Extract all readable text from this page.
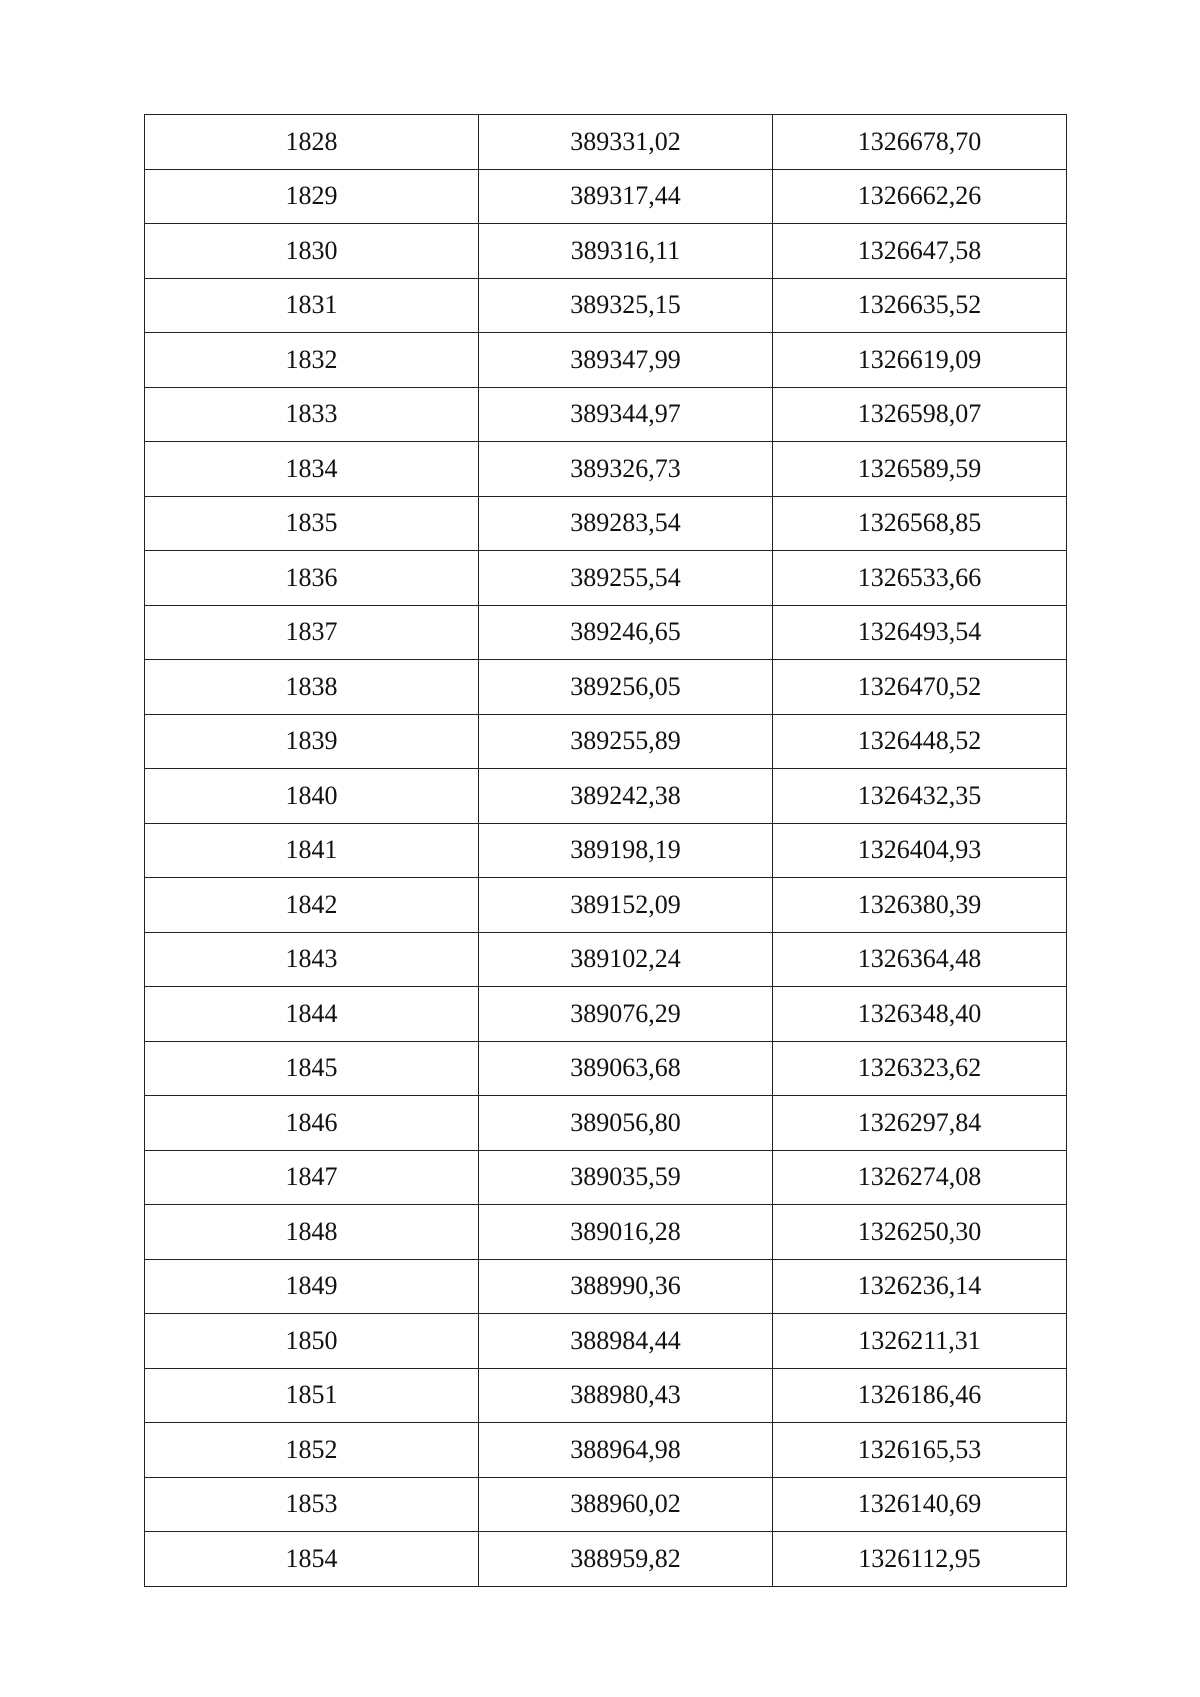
1828	389331,02	1326678,70
1829	389317,44	1326662,26
1830	389316,11	1326647,58
1831	389325,15	1326635,52
1832	389347,99	1326619,09
1833	389344,97	1326598,07
1834	389326,73	1326589,59
1835	389283,54	1326568,85
1836	389255,54	1326533,66
1837	389246,65	1326493,54
1838	389256,05	1326470,52
1839	389255,89	1326448,52
1840	389242,38	1326432,35
1841	389198,19	1326404,93
1842	389152,09	1326380,39
1843	389102,24	1326364,48
1844	389076,29	1326348,40
1845	389063,68	1326323,62
1846	389056,80	1326297,84
1847	389035,59	1326274,08
1848	389016,28	1326250,30
1849	388990,36	1326236,14
1850	388984,44	1326211,31
1851	388980,43	1326186,46
1852	388964,98	1326165,53
1853	388960,02	1326140,69
1854	388959,82	1326112,95
